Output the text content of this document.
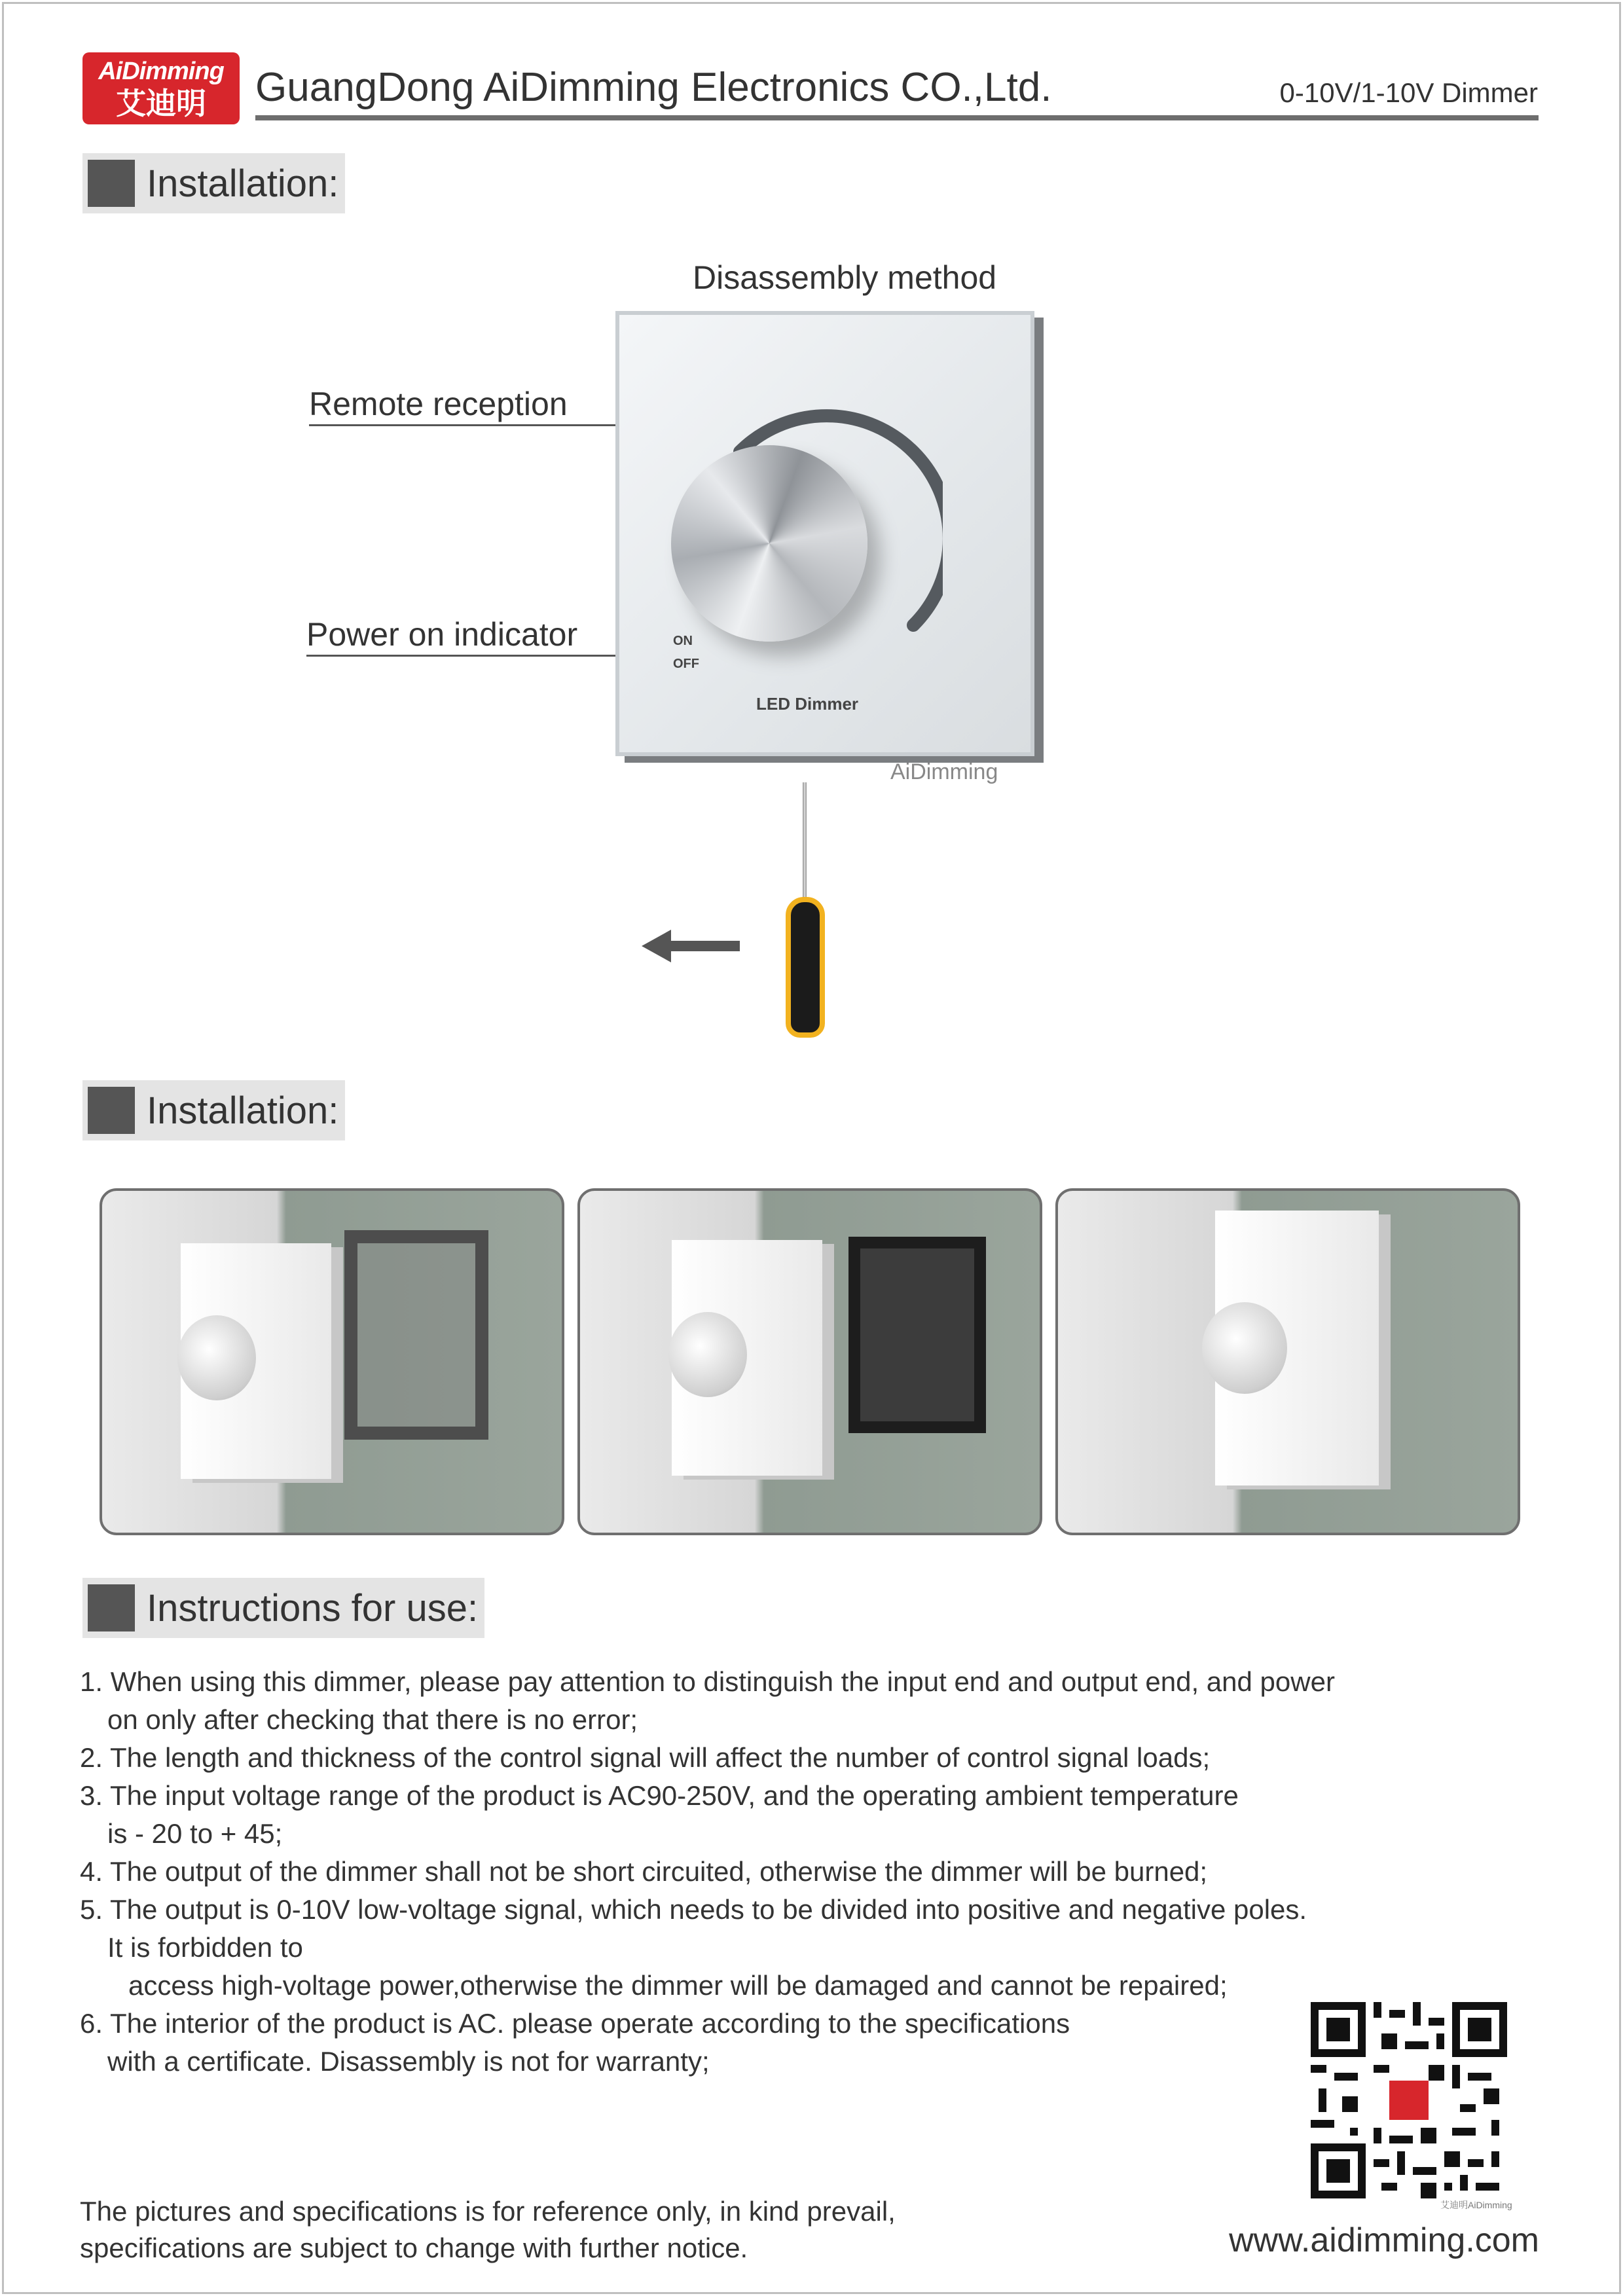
AiDimming
艾迪明	GuangDong AiDimming Electronics CO.,Ltd.	0-10V/1-10V Dimmer
Installation:
Disassembly method
Remote reception
Power on indicator	ON
OFF
LED Dimmer
AiDimming
Installation:
Instructions for use:
1. When using this dimmer, please pay attention to distinguish the input end and output end, and power
on only after checking that there is no error;
2. The length and thickness of the control signal will affect the number of control signal loads;
3. The input voltage range of the product is AC90-250V, and the operating ambient temperature
is - 20 to + 45;
4. The output of the dimmer shall not be short circuited, otherwise the dimmer will be burned;
5. The output is 0-10V low-voltage signal, which needs to be divided into positive and negative poles.
It is forbidden to
access high-voltage power,otherwise the dimmer will be damaged and cannot be repaired;
6. The interior of the product is AC. please operate according to the specifications
with a certificate. Disassembly is not for warranty;
艾迪明AiDimming
The pictures and specifications is for reference only, in kind prevail,
specifications are subject to change with further notice.	www.aidimming.com
